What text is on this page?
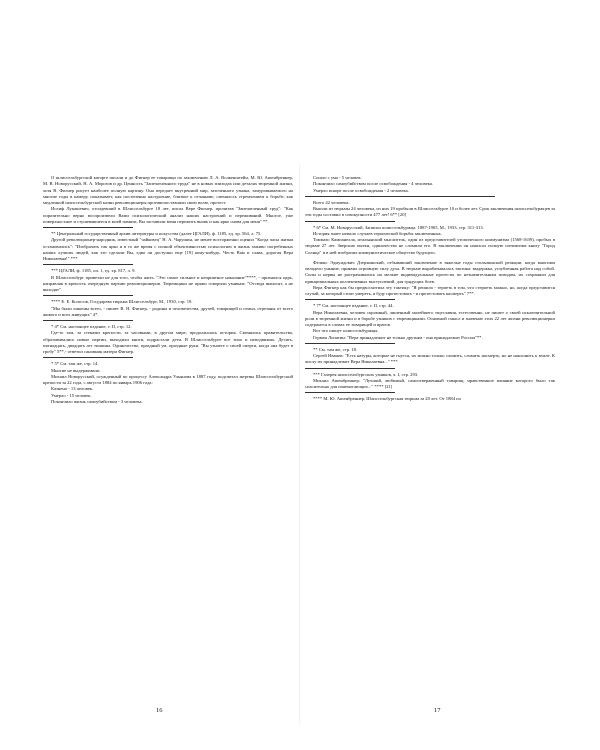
О шлиссельбургской каторге писали и до Фигнер ее товарищи по заключению Л. А. Волкенштейн, М. Ю. Ашенбреннер, М. В. Новорусский, Н. А. Морозов и др. Ценность "Запечатленного труда" не в новых эпизодах или деталях тюремной жизни, хотя В. Фигнер рисует наиболее полную картину. Она передает внутренний мир, заточенного узника, замуровываемого на многие годы в камеру, показывает, как постепенно настроение, близкое к отчаянию, сменялось стремлением к борьбе, как медленной шлиссельбургской казни революционеры противопоставляли свою волю, протест.

Иосиф Лукашевич, отсидевший в Шлиссельбурге 18 лет, писал Вере Фигнер, прочитав "Запечатленный труд": "Как поразительно верно воспроизвели Вами психологический анализ наших настроений и переживаний. Многое, уже поверхностное и стушевавшееся в моей памяти, Вы заставили меня пережить вновь и как ярко снова для меня" **.

** Центральный государственный архив литературы и искусства (далее ЦГАЛИ), ф. 1185, ед. хр. 564, л. 75.

Другой революционер-народник, известный "чайковец" Н. А. Чарушин, не менее восторженно оценил "Когда часы жизни остановились": "Изобразить так ярко и в то же время с полной объективностью психологию и жизнь заживо погребенных наших лучших людей, как это сделали Вы, едва ли доступно еще [19] кому-нибудь. Честь Вам и слава, дорогая Вера Николаевна!" ***

*** ЦГАЛИ, ф. 1185, оп. 1, ед. хр. 817, л. 9.

В Шлиссельбург привезли не для того, чтобы жить. "Это самое сильное и неприятное наказание"****, - признался царь, направляя в крепость очередную партию революционеров. Тюремщики не прямо говорили узникам: "Отсюда выносят, а не выходят".

**** Е. Е. Колосов, Государева тюрьма Шлиссельбург, М., 1930, стр. 19.

"Мы были лишены всего, - пишет В. Н. Фигнер, - родины и человечества, друзей, товарищей и семьи, отрезаны от всего живого и всех живущих" 4*.

* 4* См. настоящее издание, т. II, стр. 12.

Где-то там, за стенами крепости, за часовыми, в другом мире, продолжалась история. Сменялись правительства, образовывались новые партии, выходили книги, подрастали дети. В Шлиссельбурге все тихо и неподвижно. Десять, пятнадцать, двадцать лет тишины. Одиночество, праздный ум, праздные руки. "Вы узнаете о своей смерти, когда она будет в гробу" 5**,- ответил сановник матери Фигнер.

* 5* См. там же, стр. 14.

Многие не выдерживали.

Михаил Новорусский, осужденный по процессу Александра Ульянова в 1887 году, подсчитал жертвы Шлиссельбургской крепости за 22 года, с августа 1884 по январь 1906 года:

Казнено - 13 человек.

Умерло - 15 человек.

Покончило жизнь самоубийством - 3 человека.

Сошло с ума - 5 человек.

Покончило самоубийством после освобождения - 4 человека.

Умерло вскоре после освобождения - 2 человека.

Всего 42 человека.

Вышли из тюрьмы 24 человека, из них 19 пробыли в Шлиссельбурге 10 и более лет. Срок заключения шлиссельбуржцев за эти годы составил в совокупности 477 лет! 6** [20]

* 6* См. М. Новорусский, Записки шлиссельбуржца. 1887-1905, М., 1933, стр. 311-313.

История знает немало случаев героической борьбы заключенных.

Томмазо Кампанелла, итальянский мыслитель, один из представителей утопического коммунизма (1568-1639), пробыл в тюрьме 27 лет. Зверские пытки, одиночество не сломили его. В заключении он написал полную оптимизма книгу "Город Солнца" и в ней изобразил коммунистическое общество будущего.

Феликс Эдмундович Дзержинский, отбывавший заключение в тяжелые годы столыпинской реакции, когда многими овладело уныние, проявил огромную силу духа. В тюрьме вырабатывалась тактика: выдержка, углубленная работа над собой. Силы и нервы не растрачивались на мелкие индивидуальные протесты по незначительным поводам, их сохраняли для принципиальных коллективных выступлений, для грядущих боев.

Вера Фигнер как бы предвосхитила эту тактику: "Я решила - терпеть в том, что стерпеть можно, но, когда представится случай, за который стоит умереть, я буду протестовать - и протестовать насмерть" 7**.

* 7* См. настоящее издание, т. II, стр. 44.

Вера Николаевна, человек скромный, лишенный малейшего тщеславия, естественно, не пишет о своей исключительной роли в тюремной жизни и в борьбе узников с тюремщиками. Основной смысл и значение этих 22 лет жизни революционерки содержатся в словах ее товарищей и врагов.

Вот что пишут шлиссельбуржцы.

Герман Лопатин: "Вера принадлежит не только друзьям - она принадлежит России"**.

** См. там же, стр. 18.

Сергей Иванов: "Есть натуры, которые не гнутся, их можно только сломить, сломить насмерть, но не наклонить к земле. К числу их принадлежит Вера Николаевна..." ***

*** Галерея шлиссельбургских узников, ч. I, стр. 293.

Михаил Ашенбреннер: "Лучший, любимый, самоотверженный товарищ, нравственное влияние которого было так спасительно для изнемогающих..." **** [21]

**** М. Ю. Ашенбреннер, Шлиссельбургская тюрьма за 20 лет. От 1884 по

16	17
